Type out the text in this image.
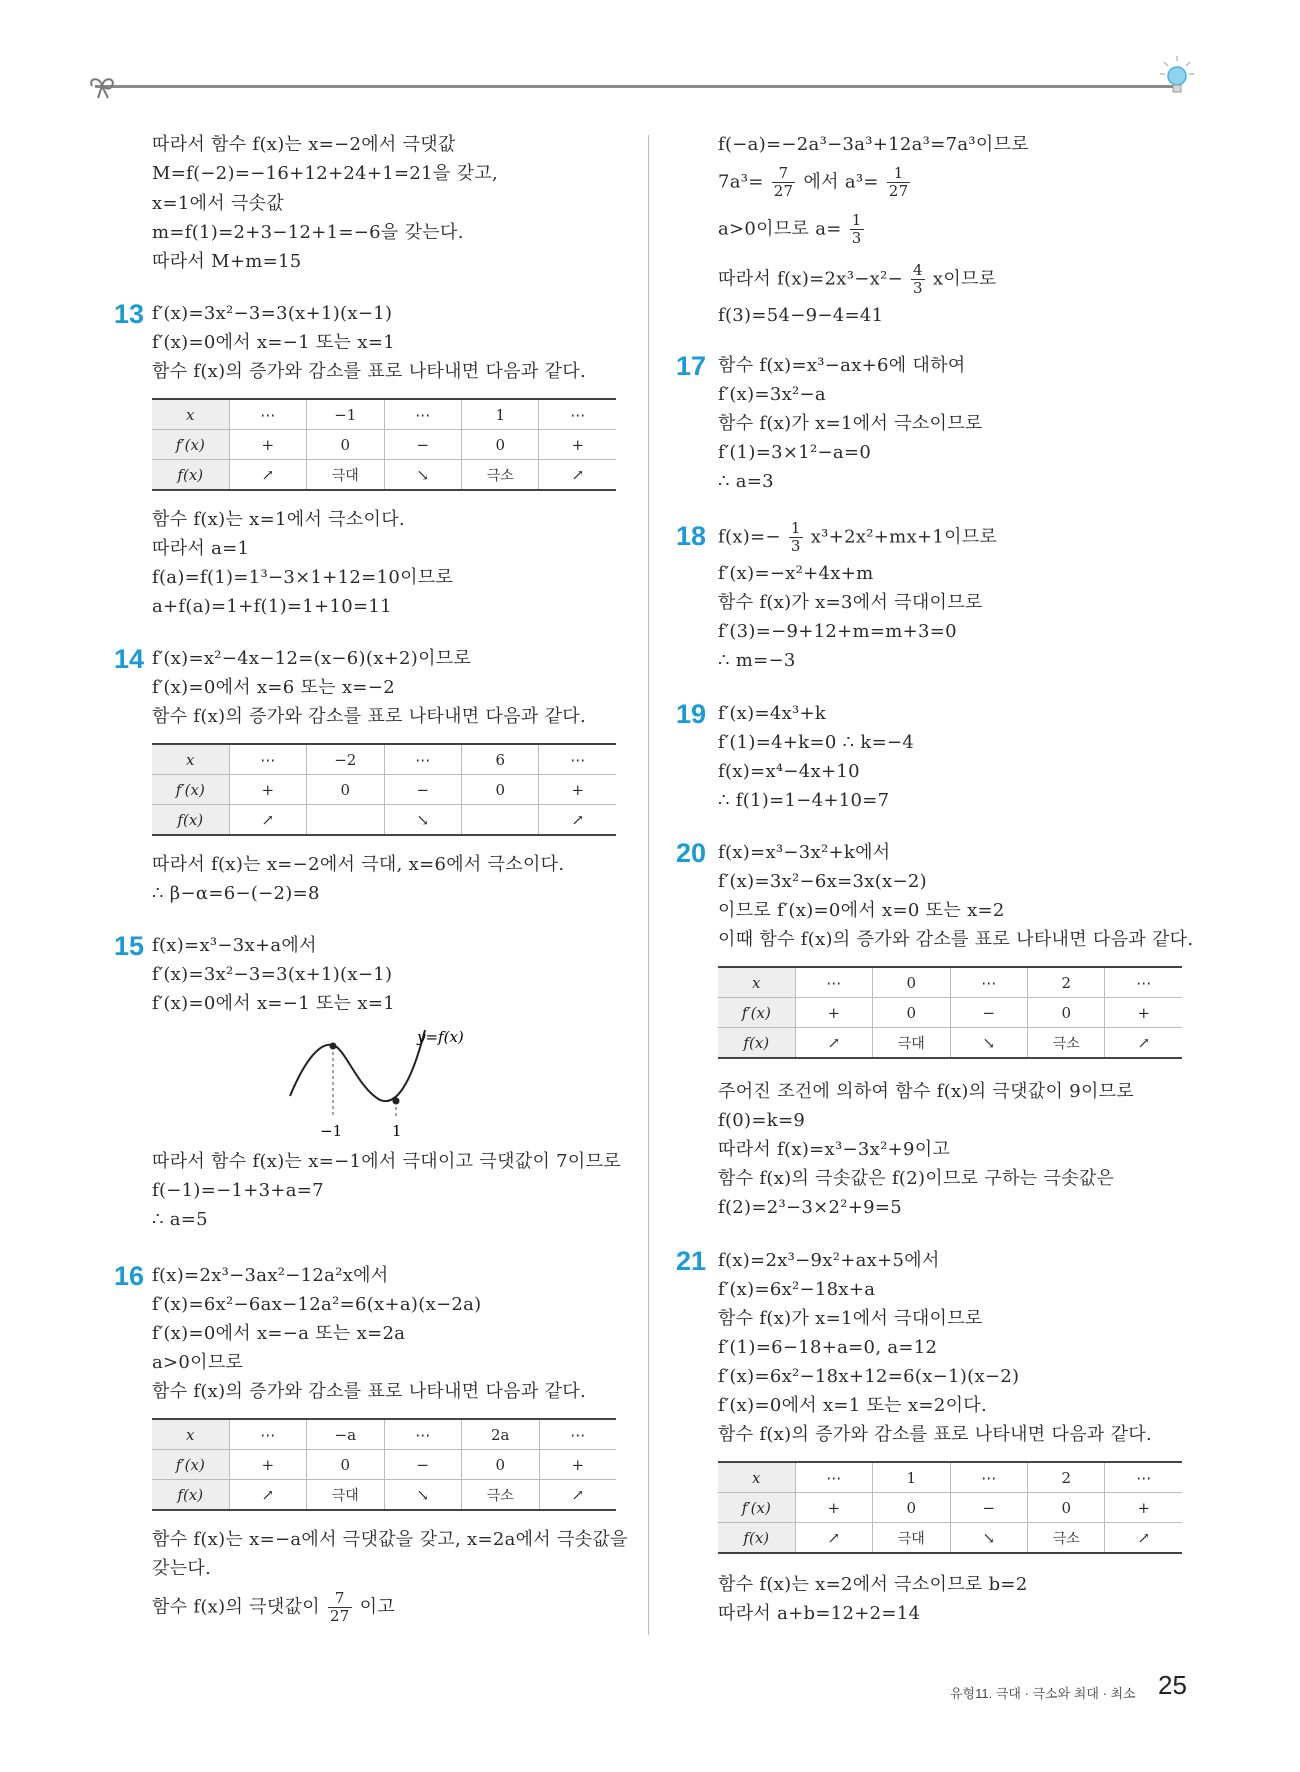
따라서 함수 f(x)는 x=−2에서 극댓값
M=f(−2)=−16+12+24+1=21을 갖고,
x=1에서 극솟값
m=f(1)=2+3−12+1=−6을 갖는다.
따라서 M+m=15
13 f′(x)=3x²−3=3(x+1)(x−1)
f′(x)=0에서 x=−1 또는 x=1
함수 f(x)의 증가와 감소를 표로 나타내면 다음과 같다.
x	⋯	−1	⋯	1	⋯
f′(x)	+	0	−	0	+
f(x)	↗	극대	↘	극소	↗
함수 f(x)는 x=1에서 극소이다.
따라서 a=1
f(a)=f(1)=1³−3×1+12=10이므로
a+f(a)=1+f(1)=1+10=11
14 f′(x)=x²−4x−12=(x−6)(x+2)이므로
f′(x)=0에서 x=6 또는 x=−2
함수 f(x)의 증가와 감소를 표로 나타내면 다음과 같다.
x	⋯	−2	⋯	6	⋯
f′(x)	+	0	−	0	+
f(x)	↗		↘		↗
따라서 f(x)는 x=−2에서 극대, x=6에서 극소이다.
∴ β−α=6−(−2)=8
15 f(x)=x³−3x+a에서
f′(x)=3x²−3=3(x+1)(x−1)
f′(x)=0에서 x=−1 또는 x=1
y=f(x)
−1	1
따라서 함수 f(x)는 x=−1에서 극대이고 극댓값이 7이므로
f(−1)=−1+3+a=7
∴ a=5
16 f(x)=2x³−3ax²−12a²x에서
f′(x)=6x²−6ax−12a²=6(x+a)(x−2a)
f′(x)=0에서 x=−a 또는 x=2a
a>0이므로
함수 f(x)의 증가와 감소를 표로 나타내면 다음과 같다.
x	⋯	−a	⋯	2a	⋯
f′(x)	+	0	−	0	+
f(x)	↗	극대	↘	극소	↗
함수 f(x)는 x=−a에서 극댓값을 갖고, x=2a에서 극솟값을
갖는다.
함수 f(x)의 극댓값이 $\frac{7}{27}$ 이고
f(−a)=−2a³−3a³+12a³=7a³이므로
$7a^3= \frac{7}{27}$ 에서 $a^3= \frac{1}{27}$
a>0이므로 $a= \frac{1}{3}$
따라서 $f(x)=2x^3-x^2- \frac{4}{3}$ x이므로
f(3)=54−9−4=41
17 함수 f(x)=x³−ax+6에 대하여
f′(x)=3x²−a
함수 f(x)가 x=1에서 극소이므로
f′(1)=3×1²−a=0
∴ a=3
18 $f(x)=- \frac{1}{3} x^3+2x^2+mx+1$이므로
f′(x)=−x²+4x+m
함수 f(x)가 x=3에서 극대이므로
f′(3)=−9+12+m=m+3=0
∴ m=−3
19 f′(x)=4x³+k
f′(1)=4+k=0 ∴ k=−4
f(x)=x⁴−4x+10
∴ f(1)=1−4+10=7
20 f(x)=x³−3x²+k에서
f′(x)=3x²−6x=3x(x−2)
이므로 f′(x)=0에서 x=0 또는 x=2
이때 함수 f(x)의 증가와 감소를 표로 나타내면 다음과 같다.
x	⋯	0	⋯	2	⋯
f′(x)	+	0	−	0	+
f(x)	↗	극대	↘	극소	↗
주어진 조건에 의하여 함수 f(x)의 극댓값이 9이므로
f(0)=k=9
따라서 f(x)=x³−3x²+9이고
함수 f(x)의 극솟값은 f(2)이므로 구하는 극솟값은
f(2)=2³−3×2²+9=5
21 f(x)=2x³−9x²+ax+5에서
f′(x)=6x²−18x+a
함수 f(x)가 x=1에서 극대이므로
f′(1)=6−18+a=0, a=12
f′(x)=6x²−18x+12=6(x−1)(x−2)
f′(x)=0에서 x=1 또는 x=2이다.
함수 f(x)의 증가와 감소를 표로 나타내면 다음과 같다.
x	⋯	1	⋯	2	⋯
f′(x)	+	0	−	0	+
f(x)	↗	극대	↘	극소	↗
함수 f(x)는 x=2에서 극소이므로 b=2
따라서 a+b=12+2=14
유형11. 극대 · 극소와 최대 · 최소 25
